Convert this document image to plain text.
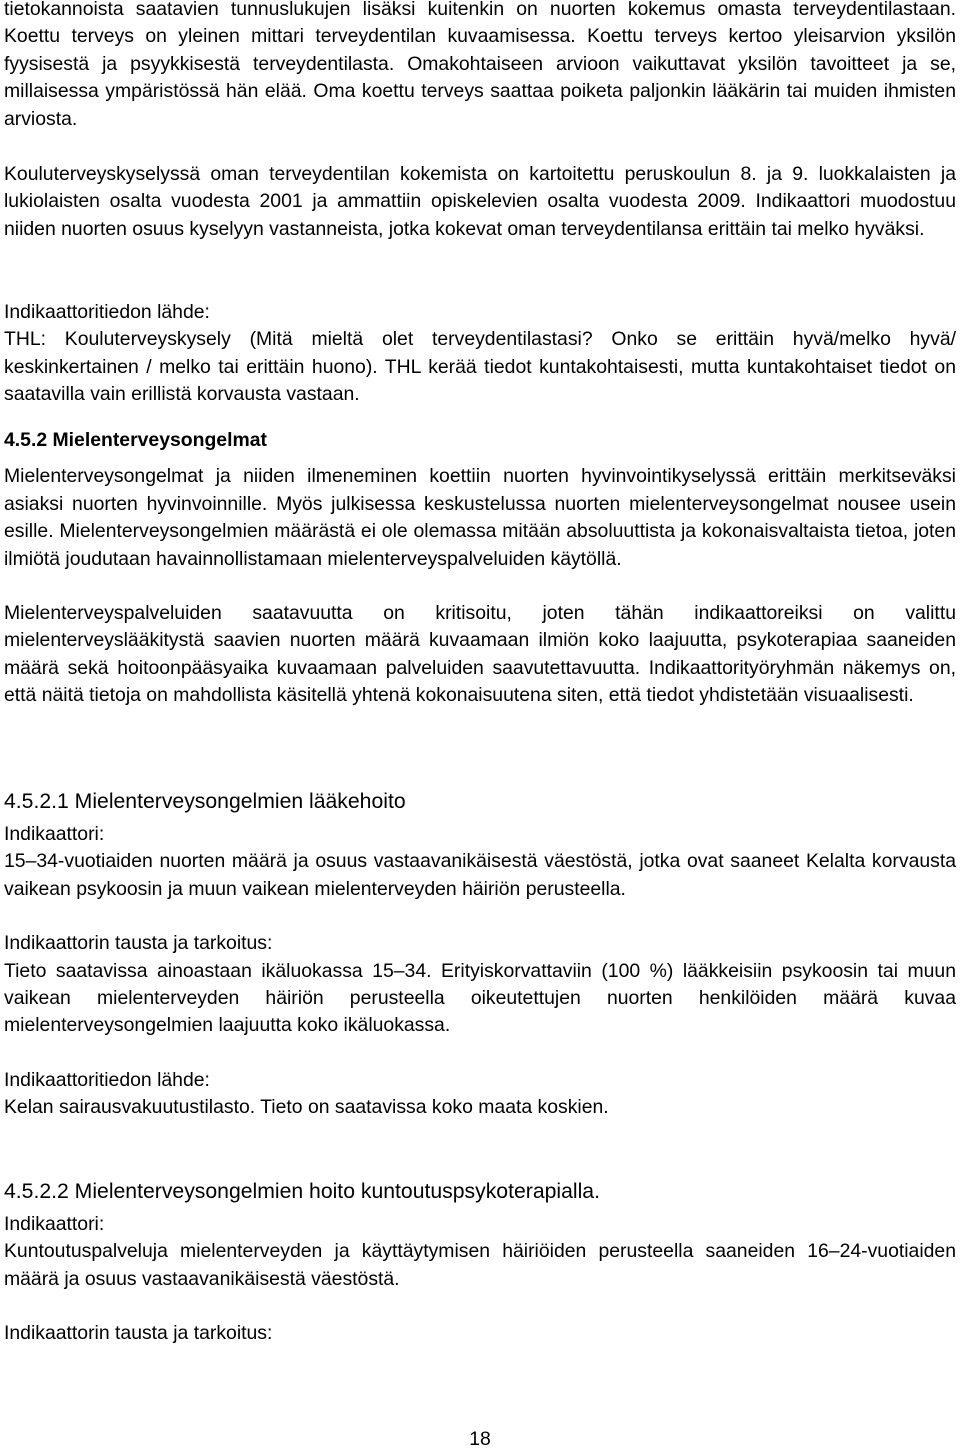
tietokannoista saatavien tunnuslukujen lisäksi kuitenkin on nuorten kokemus omasta terveydentilastaan. Koettu terveys on yleinen mittari terveydentilan kuvaamisessa. Koettu terveys kertoo yleisarvion yksilön fyysisestä ja psyykkisestä terveydentilasta. Omakohtaiseen arvioon vaikuttavat yksilön tavoitteet ja se, millaisessa ympäristössä hän elää. Oma koettu terveys saattaa poiketa paljonkin lääkärin tai muiden ihmisten arviosta.

Kouluterveyskyselyssä oman terveydentilan kokemista on kartoitettu peruskoulun 8. ja 9. luokkalaisten ja lukiolaisten osalta vuodesta 2001 ja ammattiin opiskelevien osalta vuodesta 2009. Indikaattori muodostuu niiden nuorten osuus kyselyyn vastanneista, jotka kokevat oman terveydentilansa erittäin tai melko hyväksi.

Indikaattoritiedon lähde:

THL: Kouluterveyskysely (Mitä mieltä olet terveydentilastasi? Onko se erittäin hyvä/melko hyvä/ keskinkertainen / melko tai erittäin huono). THL kerää tiedot kuntakohtaisesti, mutta kuntakohtaiset tiedot on saatavilla vain erillistä korvausta vastaan.

4.5.2 Mielenterveysongelmat

Mielenterveysongelmat ja niiden ilmeneminen koettiin nuorten hyvinvointikyselyssä erittäin merkitseväksi asiaksi nuorten hyvinvoinnille. Myös julkisessa keskustelussa nuorten mielenterveysongelmat nousee usein esille. Mielenterveysongelmien määrästä ei ole olemassa mitään absoluuttista ja kokonaisvaltaista tietoa, joten ilmiötä joudutaan havainnollistamaan mielenterveyspalveluiden käytöllä.

Mielenterveyspalveluiden saatavuutta on kritisoitu, joten tähän indikaattoreiksi on valittu mielenterveyslääkitystä saavien nuorten määrä kuvaamaan ilmiön koko laajuutta, psykoterapiaa saaneiden määrä sekä hoitoonpääsyaika kuvaamaan palveluiden saavutettavuutta. Indikaattorityöryhmän näkemys on, että näitä tietoja on mahdollista käsitellä yhtenä kokonaisuutena siten, että tiedot yhdistetään visuaalisesti.

4.5.2.1 Mielenterveysongelmien lääkehoito
Indikaattori:

15–34-vuotiaiden nuorten määrä ja osuus vastaavanikäisestä väestöstä, jotka ovat saaneet Kelalta korvausta vaikean psykoosin ja muun vaikean mielenterveyden häiriön perusteella.

Indikaattorin tausta ja tarkoitus:

Tieto saatavissa ainoastaan ikäluokassa 15–34. Erityiskorvattaviin (100 %) lääkkeisiin psykoosin tai muun vaikean mielenterveyden häiriön perusteella oikeutettujen nuorten henkilöiden määrä kuvaa mielenterveysongelmien laajuutta koko ikäluokassa.

Indikaattoritiedon lähde:

Kelan sairausvakuutustilasto. Tieto on saatavissa koko maata koskien.

4.5.2.2 Mielenterveysongelmien hoito kuntoutuspsykoterapialla.
Indikaattori:

Kuntoutuspalveluja mielenterveyden ja käyttäytymisen häiriöiden perusteella saaneiden 16–24-vuotiaiden määrä ja osuus vastaavanikäisestä väestöstä.

Indikaattorin tausta ja tarkoitus:
18
